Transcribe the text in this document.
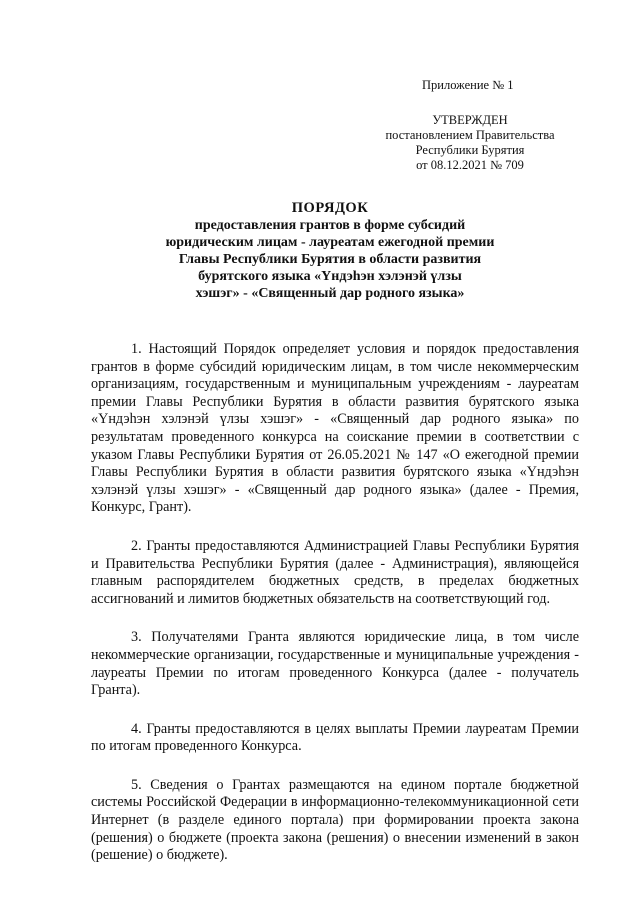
Приложение № 1
УТВЕРЖДЕН
постановлением Правительства
Республики Бурятия
от 08.12.2021 № 709
ПОРЯДОК
предоставления грантов в форме субсидий
юридическим лицам - лауреатам ежегодной премии
Главы Республики Бурятия в области развития
бурятского языка «Үндэһэн хэлэнэй үлзы
хэшэг» - «Священный дар родного языка»

1. Настоящий Порядок определяет условия и порядок предоставления грантов в форме субсидий юридическим лицам, в том числе некоммерческим организациям, государственным и муниципальным учреждениям - лауреатам премии Главы Республики Бурятия в области развития бурятского языка «Үндэһэн хэлэнэй үлзы хэшэг» - «Священный дар родного языка» по результатам проведенного конкурса на соискание премии в соответствии с указом Главы Республики Бурятия от 26.05.2021 № 147 «О ежегодной премии Главы Республики Бурятия в области развития бурятского языка «Үндэһэн хэлэнэй үлзы хэшэг» - «Священный дар родного языка» (далее - Премия, Конкурс, Грант).

2. Гранты предоставляются Администрацией Главы Республики Бурятия и Правительства Республики Бурятия (далее - Администрация), являющейся главным распорядителем бюджетных средств, в пределах бюджетных ассигнований и лимитов бюджетных обязательств на соответствующий год.

3. Получателями Гранта являются юридические лица, в том числе некоммерческие организации, государственные и муниципальные учреждения - лауреаты Премии по итогам проведенного Конкурса (далее - получатель Гранта).

4. Гранты предоставляются в целях выплаты Премии лауреатам Премии по итогам проведенного Конкурса.

5. Сведения о Грантах размещаются на едином портале бюджетной системы Российской Федерации в информационно-телекоммуникационной сети Интернет (в разделе единого портала) при формировании проекта закона (решения) о бюджете (проекта закона (решения) о внесении изменений в закон (решение) о бюджете).
